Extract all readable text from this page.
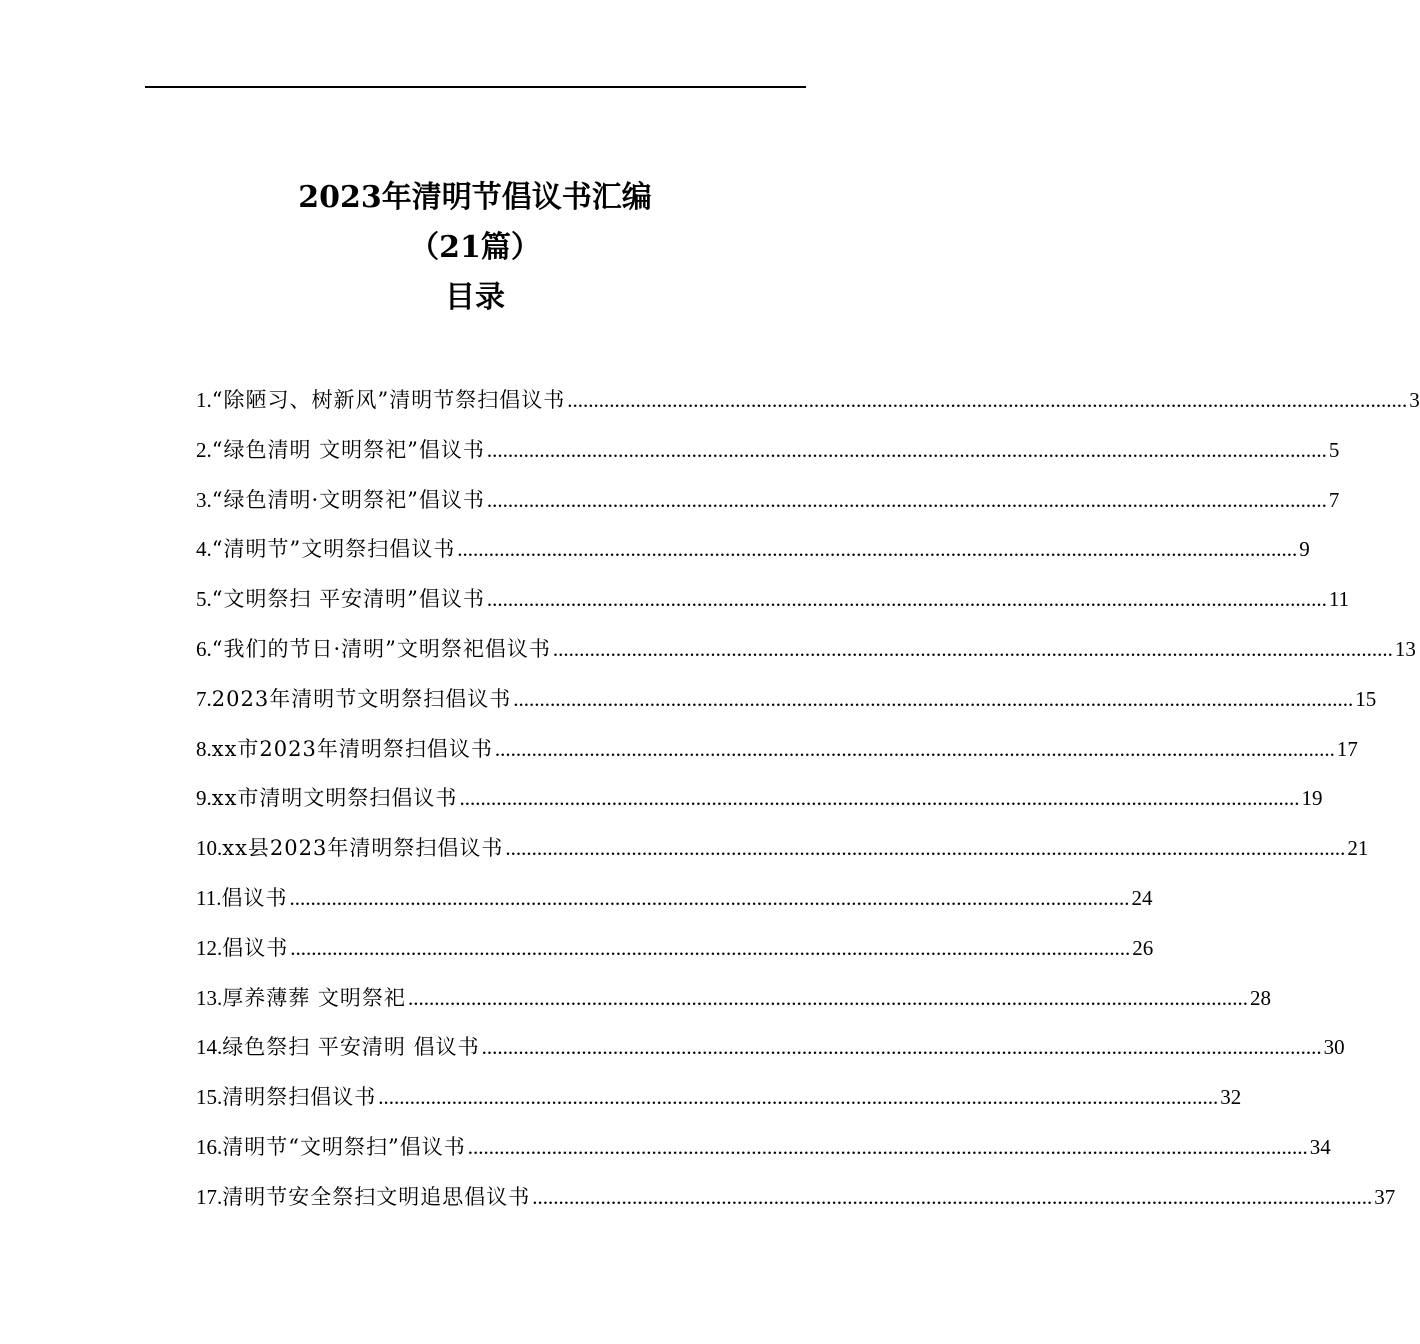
2023年清明节倡议书汇编
（21篇）
目录
1. “除陋习、树新风”清明节祭扫倡议书 .....	3
2. “绿色清明 文明祭祀”倡议书 .....	5
3. “绿色清明·文明祭祀”倡议书 .....	7
4. “清明节”文明祭扫倡议书 .....	9
5. “文明祭扫 平安清明”倡议书 .....	11
6. “我们的节日·清明”文明祭祀倡议书 .....	13
7. 2023年清明节文明祭扫倡议书 .....	15
8. xx市2023年清明祭扫倡议书 .....	17
9. xx市清明文明祭扫倡议书 .....	19
10. xx县2023年清明祭扫倡议书 .....	21
11. 倡议书 .....	24
12. 倡议书 .....	26
13. 厚养薄葬 文明祭祀 .....	28
14. 绿色祭扫 平安清明 倡议书 .....	30
15. 清明祭扫倡议书 .....	32
16. 清明节“文明祭扫”倡议书 .....	34
17. 清明节安全祭扫文明追思倡议书 .....	37
